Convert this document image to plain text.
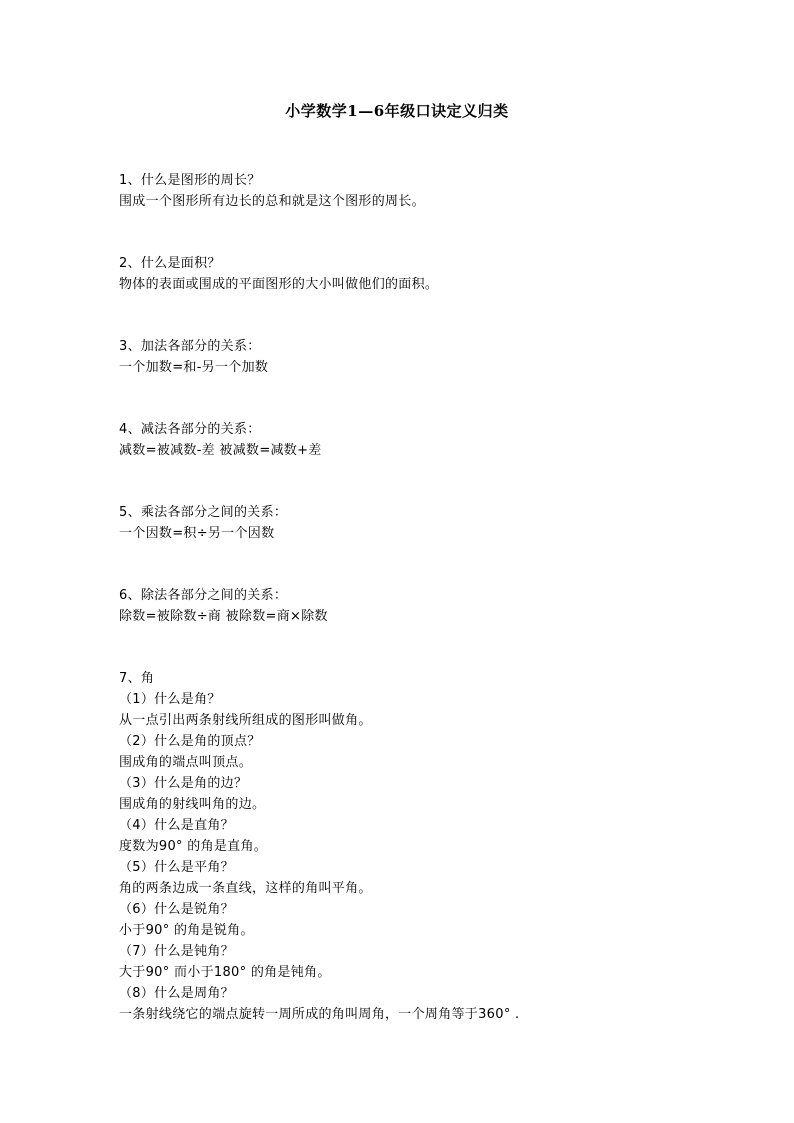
小学数学1—6年级口诀定义归类
1、什么是图形的周长？
围成一个图形所有边长的总和就是这个图形的周长。
2、什么是面积？
物体的表面或围成的平面图形的大小叫做他们的面积。
3、加法各部分的关系：
一个加数=和-另一个加数
4、减法各部分的关系：
减数=被减数-差 被减数=减数+差
5、乘法各部分之间的关系：
一个因数=积÷另一个因数
6、除法各部分之间的关系：
除数=被除数÷商 被除数=商×除数
7、角
（1）什么是角？
从一点引出两条射线所组成的图形叫做角。
（2）什么是角的顶点？
围成角的端点叫顶点。
（3）什么是角的边？
围成角的射线叫角的边。
（4）什么是直角？
度数为90° 的角是直角。
（5）什么是平角？
角的两条边成一条直线，这样的角叫平角。
（6）什么是锐角？
小于90° 的角是锐角。
（7）什么是钝角？
大于90° 而小于180° 的角是钝角。
（8）什么是周角？
一条射线绕它的端点旋转一周所成的角叫周角，一个周角等于360° .
